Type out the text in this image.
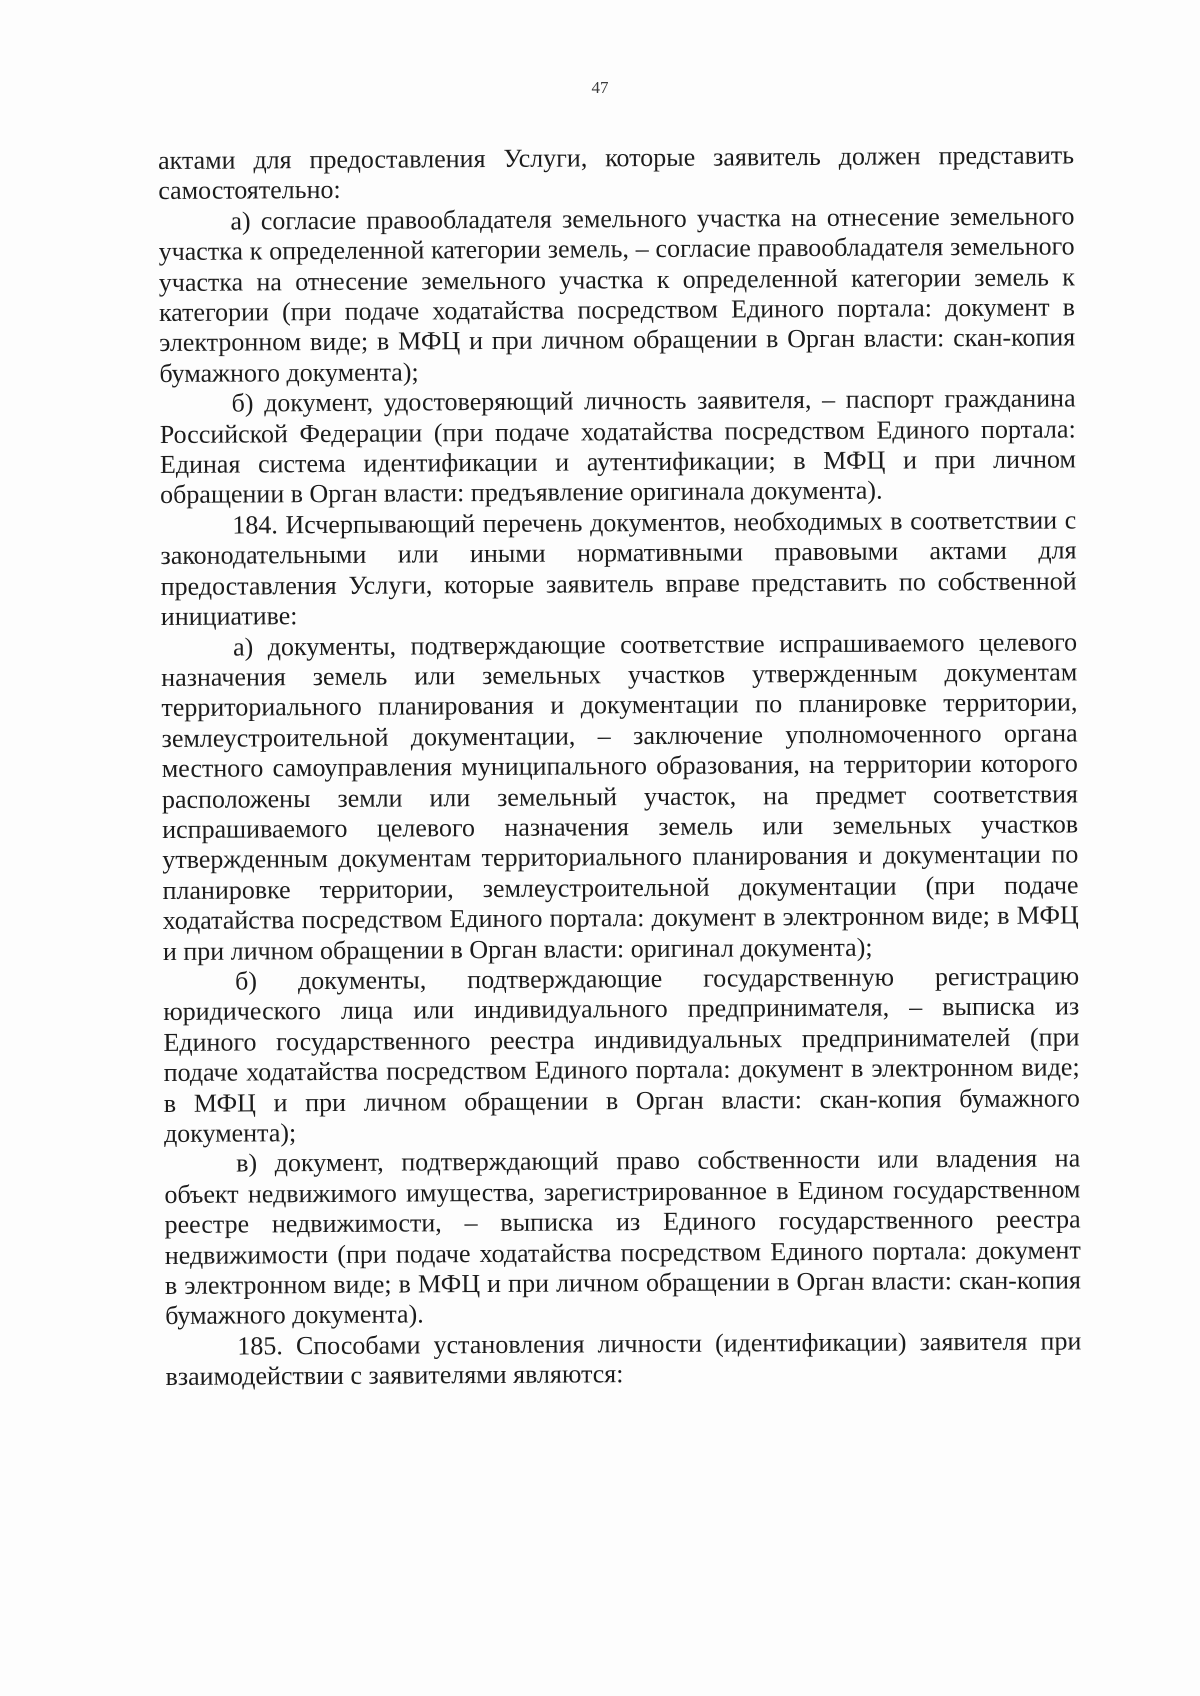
47

актами для предоставления Услуги, которые заявитель должен представить самостоятельно:

а) согласие правообладателя земельного участка на отнесение земельного участка к определенной категории земель, – согласие правообладателя земельного участка на отнесение земельного участка к определенной категории земель к категории (при подаче ходатайства посредством Единого портала: документ в электронном виде; в МФЦ и при личном обращении в Орган власти: скан-копия бумажного документа);

б) документ, удостоверяющий личность заявителя, – паспорт гражданина Российской Федерации (при подаче ходатайства посредством Единого портала: Единая система идентификации и аутентификации; в МФЦ и при личном обращении в Орган власти: предъявление оригинала документа).

184. Исчерпывающий перечень документов, необходимых в соответствии с законодательными или иными нормативными правовыми актами для предоставления Услуги, которые заявитель вправе представить по собственной инициативе:

а) документы, подтверждающие соответствие испрашиваемого целевого назначения земель или земельных участков утвержденным документам территориального планирования и документации по планировке территории, землеустроительной документации, – заключение уполномоченного органа местного самоуправления муниципального образования, на территории которого расположены земли или земельный участок, на предмет соответствия испрашиваемого целевого назначения земель или земельных участков утвержденным документам территориального планирования и документации по планировке территории, землеустроительной документации (при подаче ходатайства посредством Единого портала: документ в электронном виде; в МФЦ и при личном обращении в Орган власти: оригинал документа);

б) документы, подтверждающие государственную регистрацию юридического лица или индивидуального предпринимателя, – выписка из Единого государственного реестра индивидуальных предпринимателей (при подаче ходатайства посредством Единого портала: документ в электронном виде; в МФЦ и при личном обращении в Орган власти: скан-копия бумажного документа);

в) документ, подтверждающий право собственности или владения на объект недвижимого имущества, зарегистрированное в Едином государственном реестре недвижимости, – выписка из Единого государственного реестра недвижимости (при подаче ходатайства посредством Единого портала: документ в электронном виде; в МФЦ и при личном обращении в Орган власти: скан-копия бумажного документа).

185. Способами установления личности (идентификации) заявителя при взаимодействии с заявителями являются:
